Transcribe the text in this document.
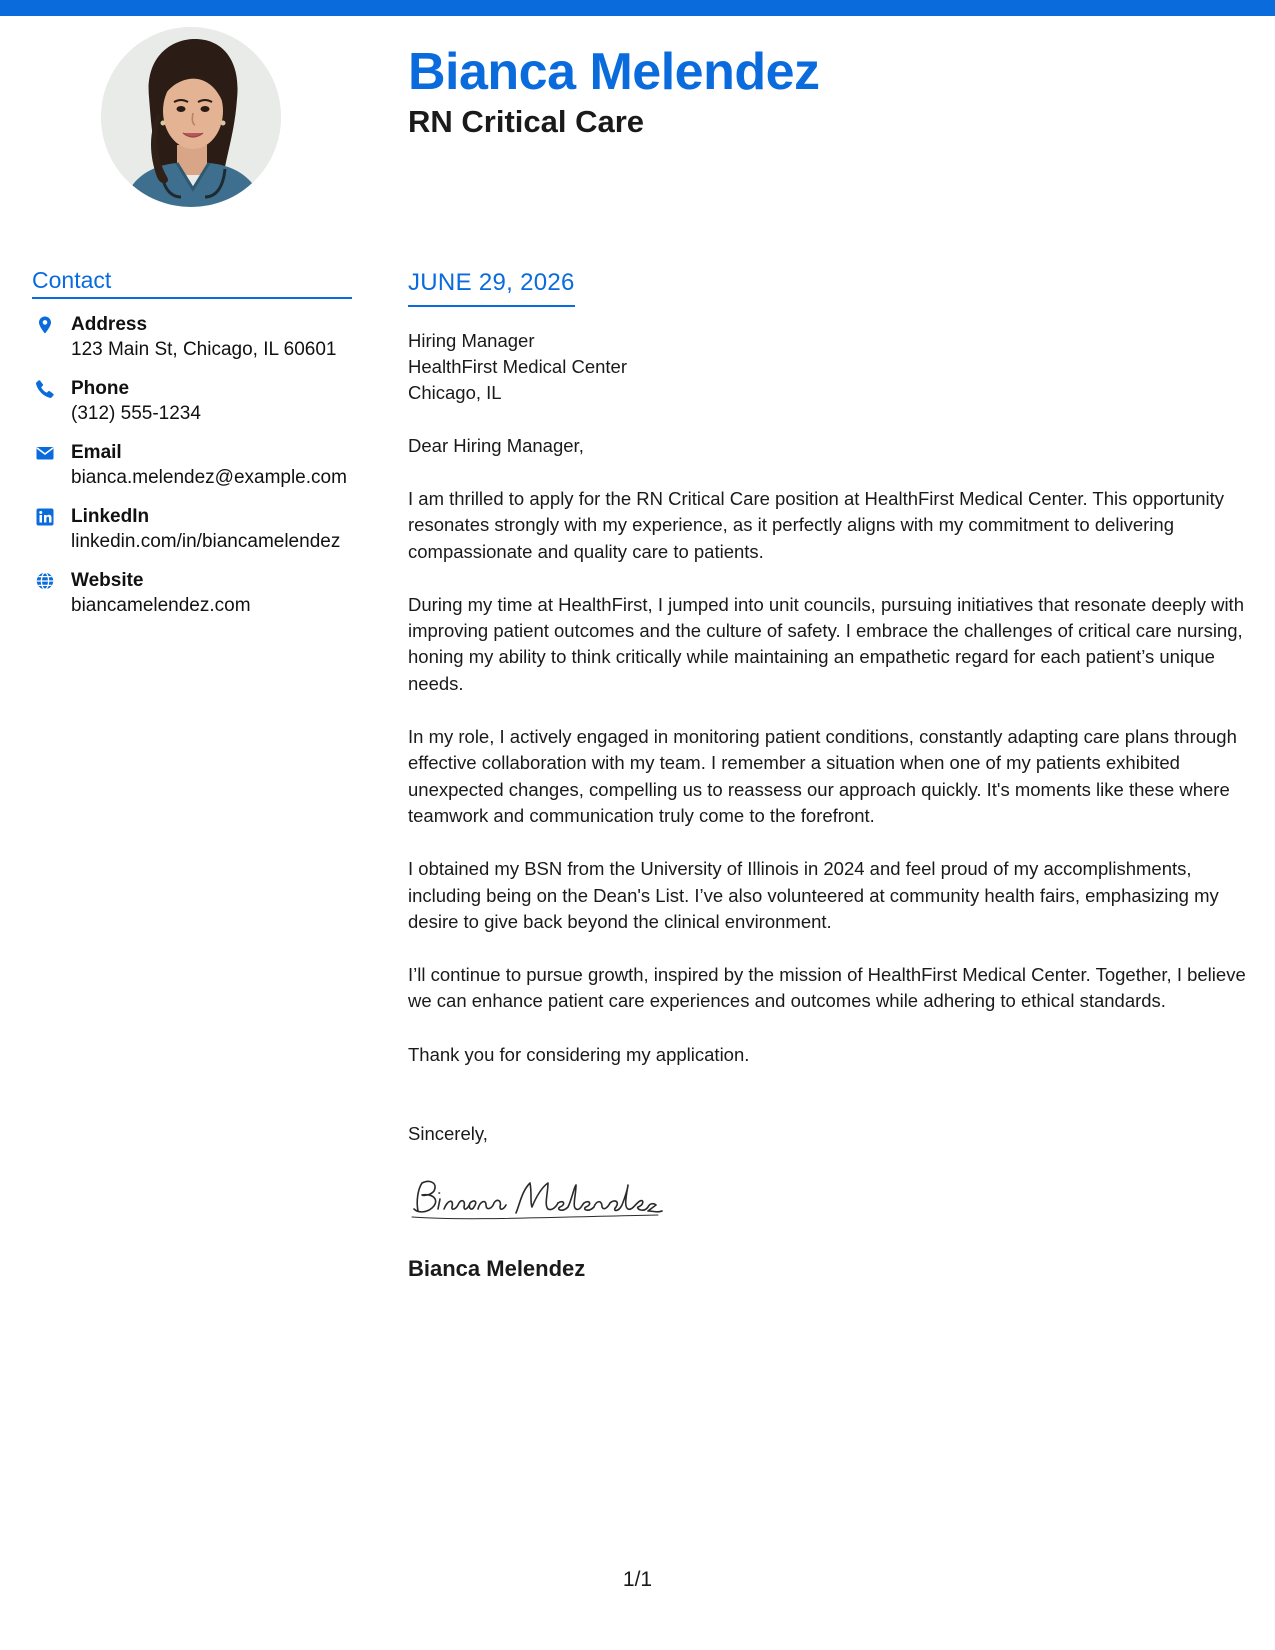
Bianca Melendez
RN Critical Care
Contact
Address
123 Main St, Chicago, IL 60601
Phone
(312) 555-1234
Email
bianca.melendez@example.com
LinkedIn
linkedin.com/in/biancamelendez
Website
biancamelendez.com
JUNE 29, 2026
Hiring Manager
HealthFirst Medical Center
Chicago, IL
Dear Hiring Manager,

I am thrilled to apply for the RN Critical Care position at HealthFirst Medical Center. This opportunity resonates strongly with my experience, as it perfectly aligns with my commitment to delivering compassionate and quality care to patients.

During my time at HealthFirst, I jumped into unit councils, pursuing initiatives that resonate deeply with improving patient outcomes and the culture of safety. I embrace the challenges of critical care nursing, honing my ability to think critically while maintaining an empathetic regard for each patient’s unique needs.

In my role, I actively engaged in monitoring patient conditions, constantly adapting care plans through effective collaboration with my team. I remember a situation when one of my patients exhibited unexpected changes, compelling us to reassess our approach quickly. It's moments like these where teamwork and communication truly come to the forefront.

I obtained my BSN from the University of Illinois in 2024 and feel proud of my accomplishments, including being on the Dean's List. I’ve also volunteered at community health fairs, emphasizing my desire to give back beyond the clinical environment.

I’ll continue to pursue growth, inspired by the mission of HealthFirst Medical Center. Together, I believe we can enhance patient care experiences and outcomes while adhering to ethical standards.

Thank you for considering my application.

Sincerely,
Bianca Melendez
1/1
